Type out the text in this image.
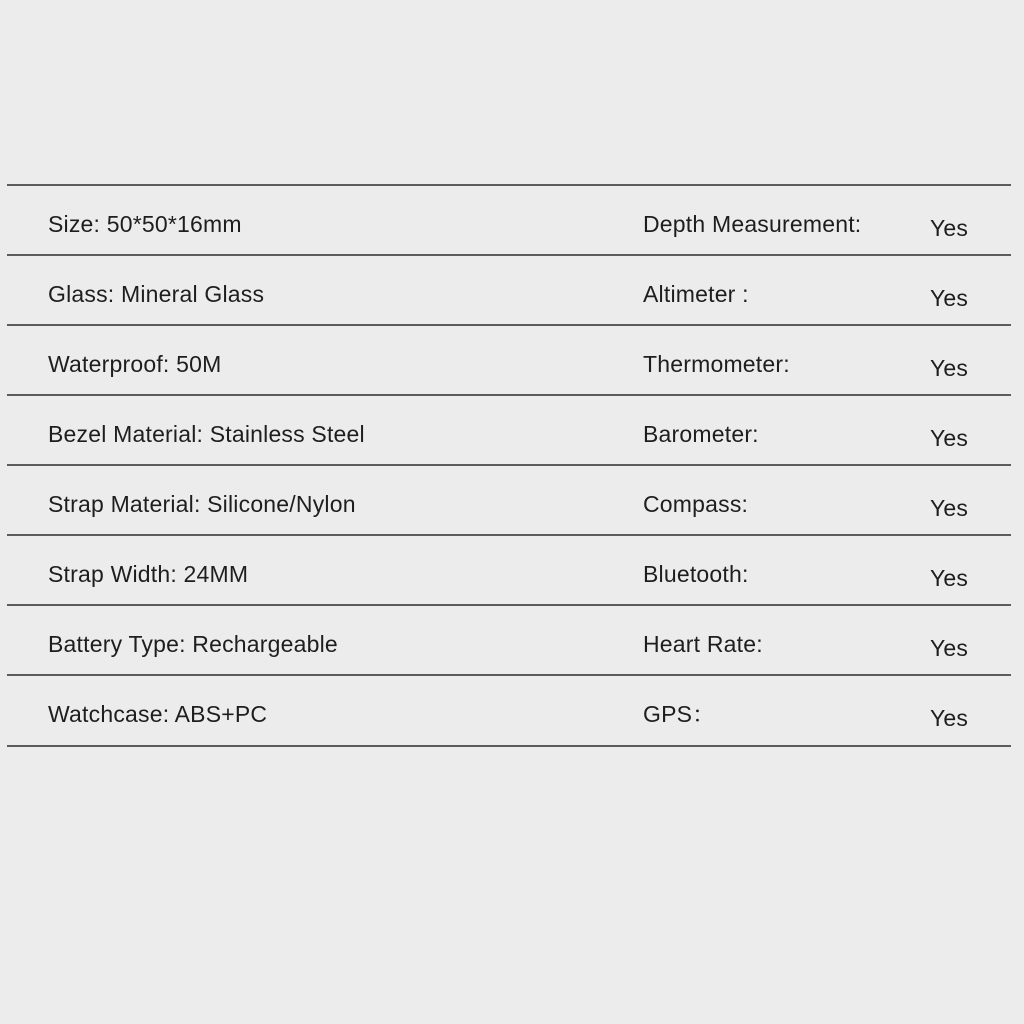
Size: 50*50*16mm	Depth Measurement:	Yes
Glass: Mineral Glass	Altimeter :	Yes
Waterproof: 50M	Thermometer:	Yes
Bezel Material: Stainless Steel	Barometer:	Yes
Strap Material: Silicone/Nylon	Compass:	Yes
Strap Width: 24MM	Bluetooth:	Yes
Battery Type: Rechargeable	Heart Rate:	Yes
Watchcase: ABS+PC	GPS：	Yes
